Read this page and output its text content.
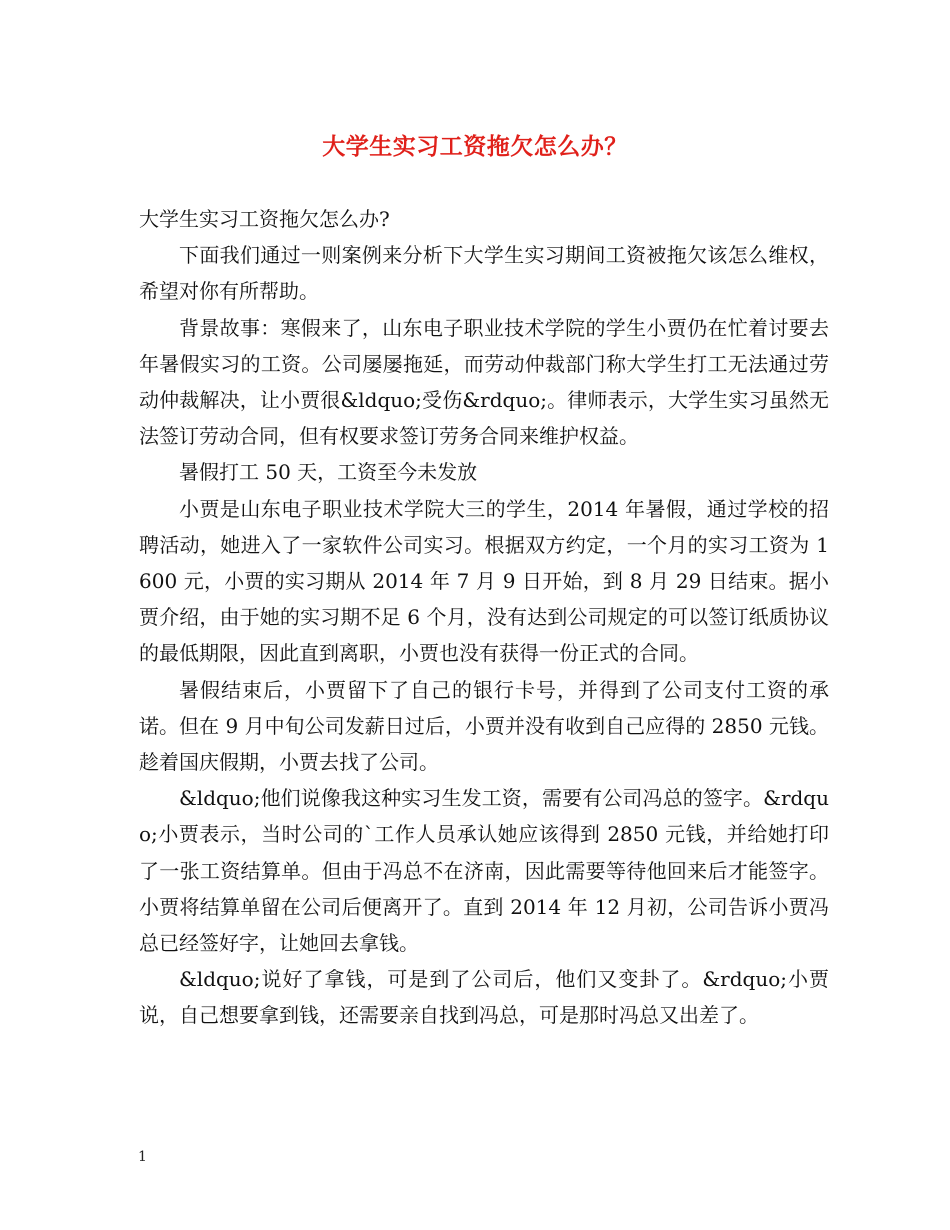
大学生实习工资拖欠怎么办？

大学生实习工资拖欠怎么办?

下面我们通过一则案例来分析下大学生实习期间工资被拖欠该怎么维权，希望对你有所帮助。

背景故事：寒假来了，山东电子职业技术学院的学生小贾仍在忙着讨要去年暑假实习的工资。公司屡屡拖延，而劳动仲裁部门称大学生打工无法通过劳动仲裁解决，让小贾很&ldquo;受伤&rdquo;。律师表示，大学生实习虽然无法签订劳动合同，但有权要求签订劳务合同来维护权益。

暑假打工 50 天，工资至今未发放

小贾是山东电子职业技术学院大三的学生，2014 年暑假，通过学校的招聘活动，她进入了一家软件公司实习。根据双方约定，一个月的实习工资为 1600 元，小贾的实习期从 2014 年 7 月 9 日开始，到 8 月 29 日结束。据小贾介绍，由于她的实习期不足 6 个月，没有达到公司规定的可以签订纸质协议的最低期限，因此直到离职，小贾也没有获得一份正式的合同。

暑假结束后，小贾留下了自己的银行卡号，并得到了公司支付工资的承诺。但在 9 月中旬公司发薪日过后，小贾并没有收到自己应得的 2850 元钱。趁着国庆假期，小贾去找了公司。

&ldquo;他们说像我这种实习生发工资，需要有公司冯总的签字。&rdquo;小贾表示，当时公司的`工作人员承认她应该得到 2850 元钱，并给她打印了一张工资结算单。但由于冯总不在济南，因此需要等待他回来后才能签字。小贾将结算单留在公司后便离开了。直到 2014 年 12 月初，公司告诉小贾冯总已经签好字，让她回去拿钱。

&ldquo;说好了拿钱，可是到了公司后，他们又变卦了。&rdquo;小贾说，自己想要拿到钱，还需要亲自找到冯总，可是那时冯总又出差了。

1
